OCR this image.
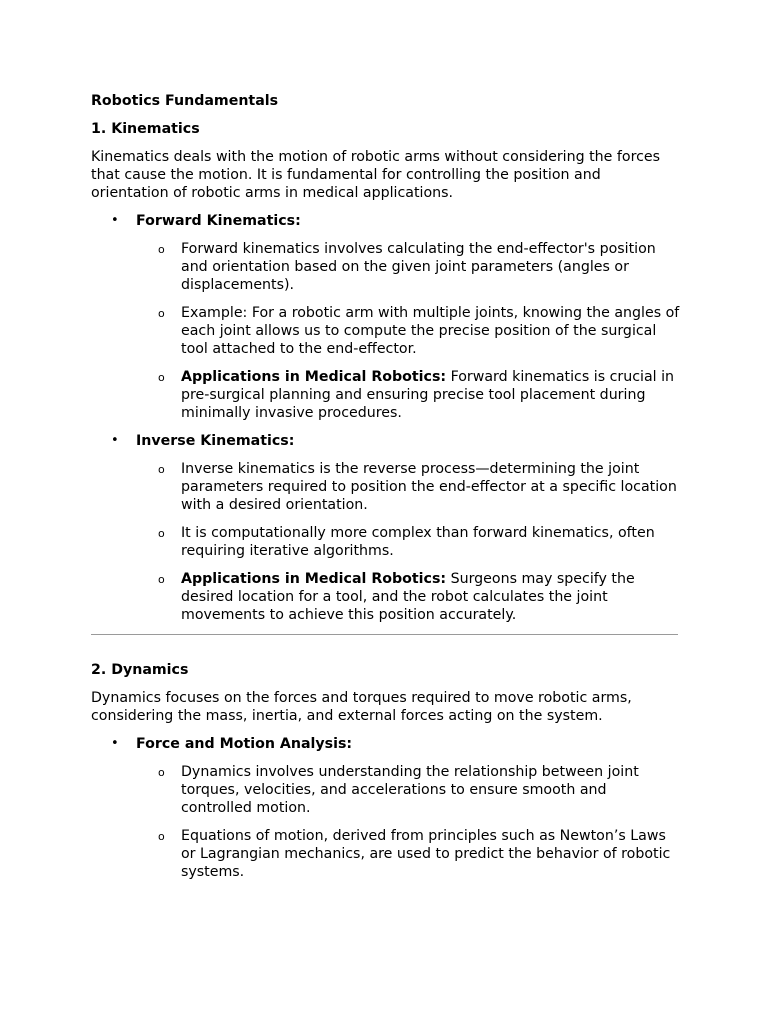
Robotics Fundamentals
1. Kinematics

Kinematics deals with the motion of robotic arms without considering the forces that cause the motion. It is fundamental for controlling the position and orientation of robotic arms in medical applications.

• Forward Kinematics:
o Forward kinematics involves calculating the end-effector's position and orientation based on the given joint parameters (angles or displacements).
o Example: For a robotic arm with multiple joints, knowing the angles of each joint allows us to compute the precise position of the surgical tool attached to the end-effector.
o Applications in Medical Robotics: Forward kinematics is crucial in pre-surgical planning and ensuring precise tool placement during minimally invasive procedures.
• Inverse Kinematics:
o Inverse kinematics is the reverse process—determining the joint parameters required to position the end-effector at a specific location with a desired orientation.
o It is computationally more complex than forward kinematics, often requiring iterative algorithms.
o Applications in Medical Robotics: Surgeons may specify the desired location for a tool, and the robot calculates the joint movements to achieve this position accurately.
2. Dynamics

Dynamics focuses on the forces and torques required to move robotic arms, considering the mass, inertia, and external forces acting on the system.

• Force and Motion Analysis:
o Dynamics involves understanding the relationship between joint torques, velocities, and accelerations to ensure smooth and controlled motion.
o Equations of motion, derived from principles such as Newton’s Laws or Lagrangian mechanics, are used to predict the behavior of robotic systems.
